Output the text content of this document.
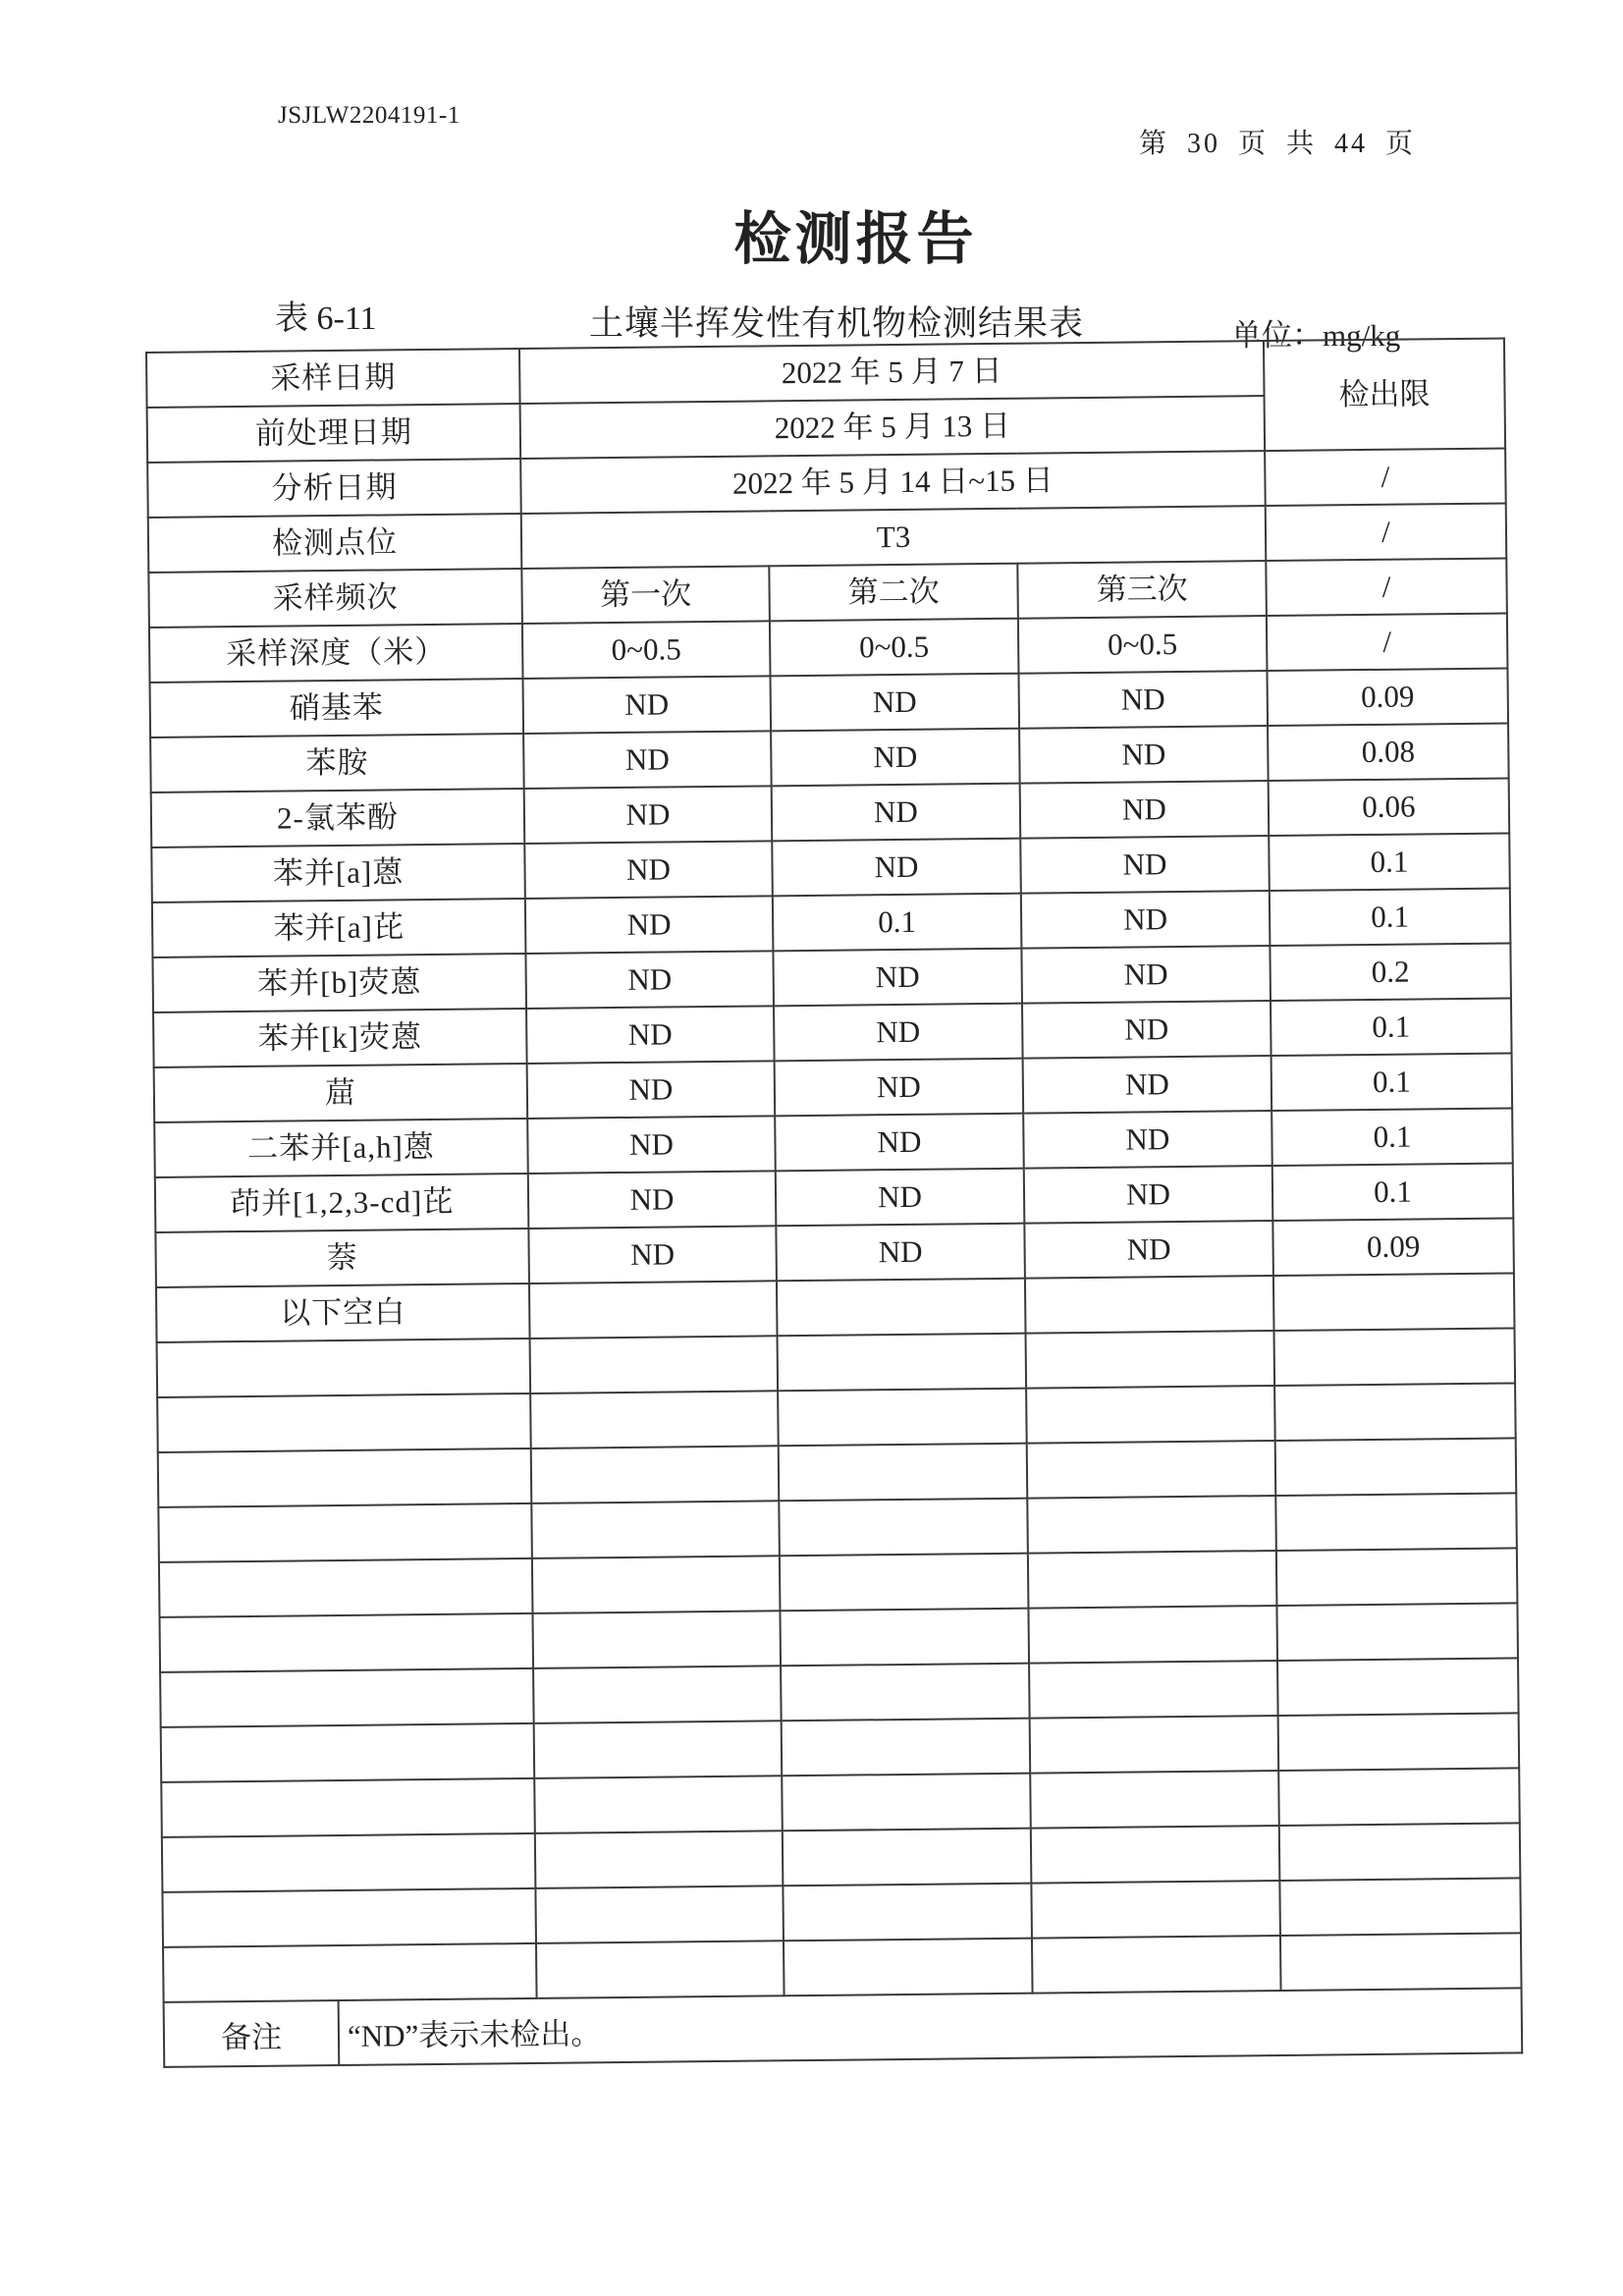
JSJLW2204191-1
第 30 页 共 44 页
检测报告
表 6-11	土壤半挥发性有机物检测结果表	单位：mg/kg
采样日期	2022 年 5 月 7 日			检出限
前处理日期	2022 年 5 月 13 日			
分析日期	2022 年 5 月 14 日~15 日			/
检测点位	T3			/
采样频次	第一次	第二次	第三次	/
采样深度（米）	0~0.5	0~0.5	0~0.5	/
硝基苯	ND	ND	ND	0.09
苯胺	ND	ND	ND	0.08
2-氯苯酚	ND	ND	ND	0.06
苯并[a]蒽	ND	ND	ND	0.1
苯并[a]芘	ND	0.1	ND	0.1
苯并[b]荧蒽	ND	ND	ND	0.2
苯并[k]荧蒽	ND	ND	ND	0.1
䓛	ND	ND	ND	0.1
二苯并[a,h]蒽	ND	ND	ND	0.1
茚并[1,2,3-cd]芘	ND	ND	ND	0.1
萘	ND	ND	ND	0.09
以下空白				

备注	“ND”表示未检出。
